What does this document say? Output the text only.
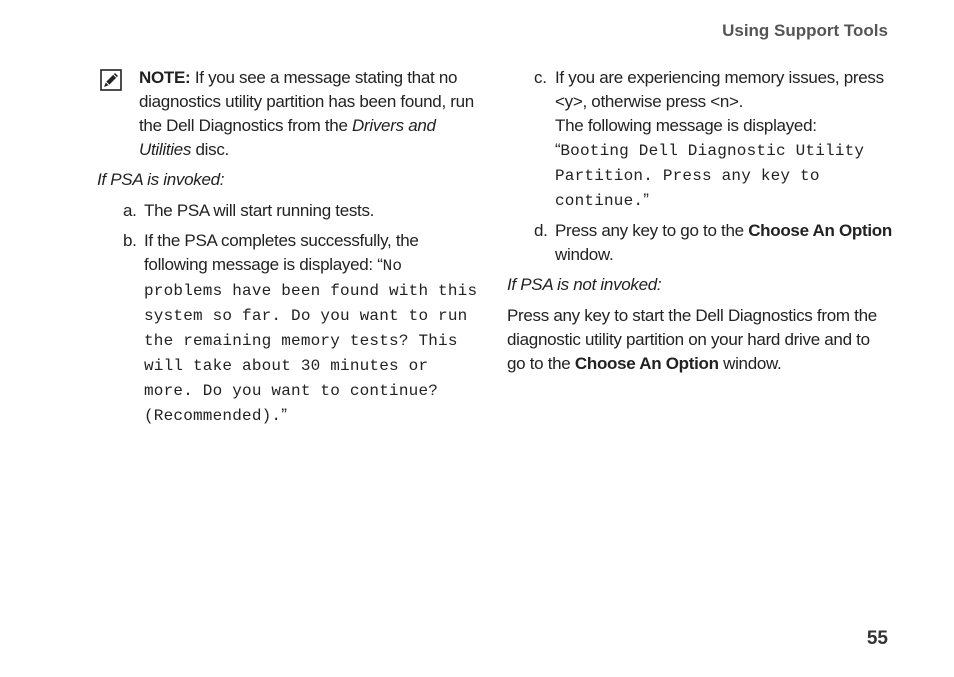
Using Support Tools
NOTE: If you see a message stating that no diagnostics utility partition has been found, run the Dell Diagnostics from the Drivers and Utilities disc.
If PSA is invoked:
a. The PSA will start running tests.
b. If the PSA completes successfully, the following message is displayed: “No problems have been found with this system so far. Do you want to run the remaining memory tests? This will take about 30 minutes or more. Do you want to continue? (Recommended).”
c. If you are experiencing memory issues, press <y>, otherwise press <n>.
The following message is displayed:
“Booting Dell Diagnostic Utility Partition. Press any key to continue.”
d. Press any key to go to the Choose An Option window.
If PSA is not invoked:
Press any key to start the Dell Diagnostics from the diagnostic utility partition on your hard drive and to go to the Choose An Option window.
55
